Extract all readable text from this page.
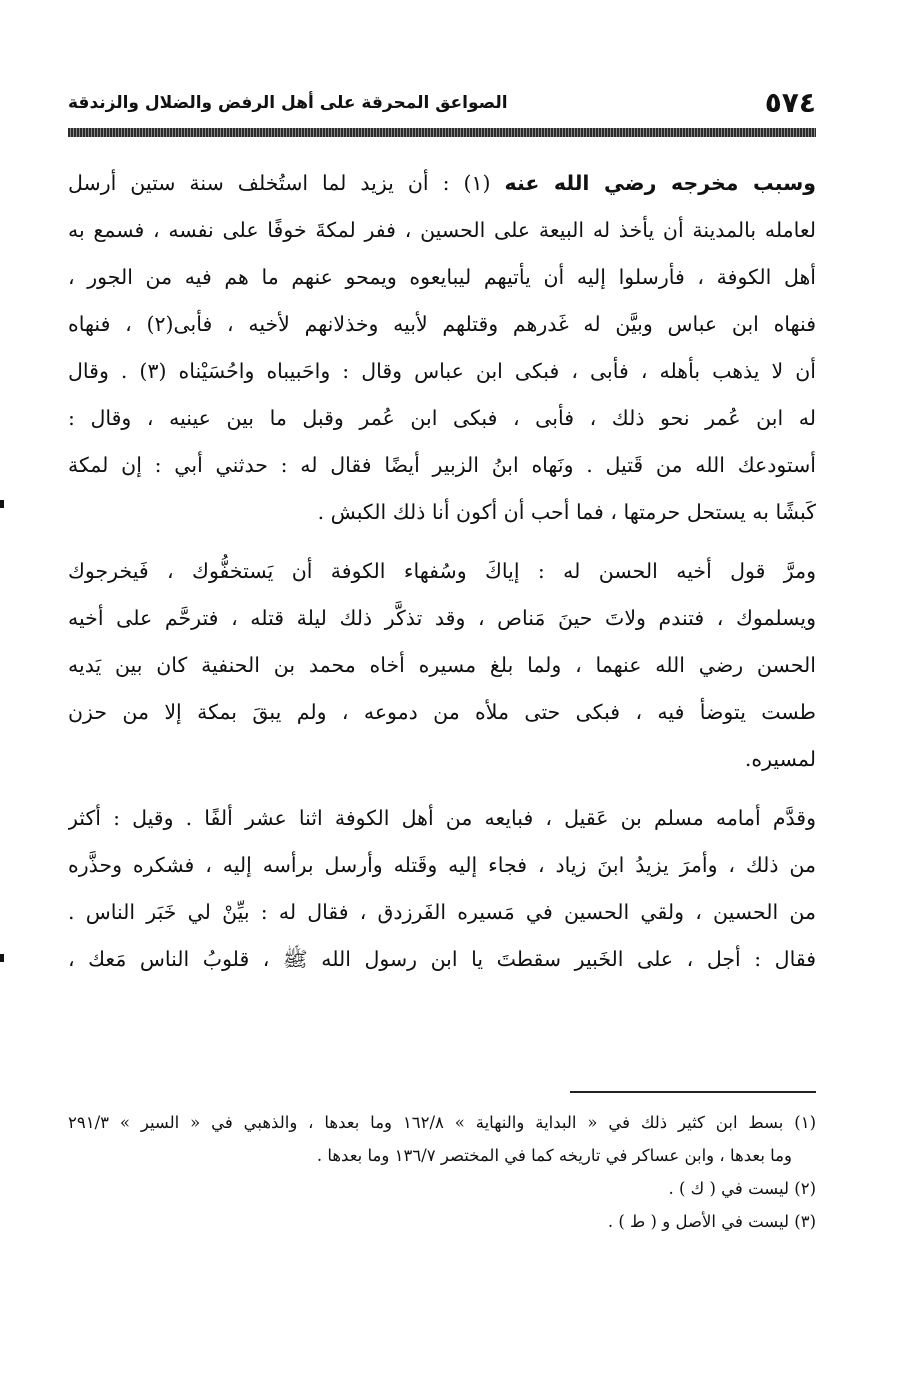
٥٧٤
الصواعق المحرقة على أهل الرفض والضلال والزندقة
وسبب مخرجه رضي الله عنه (١) : أن يزيد لما استُخلف سنة ستين أرسل
لعامله بالمدينة أن يأخذ له البيعة على الحسين ، ففر لمكةَ خوفًا على نفسه ، فسمع به
أهل الكوفة ، فأرسلوا إليه أن يأتيهم ليبايعوه ويمحو عنهم ما هم فيه من الجور ،
فنهاه ابن عباس وبيَّن له غَدرهم وقتلهم لأبيه وخذلانهم لأخيه ، فأبى(٢) ، فنهاه
أن لا يذهب بأهله ، فأبى ، فبكى ابن عباس وقال : واحَبيباه واحُسَيْناه (٣) . وقال
له ابن عُمر نحو ذلك ، فأبى ، فبكى ابن عُمر وقبل ما بين عينيه ، وقال :
أستودعك الله من قَتيل . ونَهاه ابنُ الزبير أيضًا فقال له : حدثني أبي : إن لمكة
كَبشًا به يستحل حرمتها ، فما أحب أن أكون أنا ذلك الكبش .
ومرَّ قول أخيه الحسن له : إياكَ وسُفهاء الكوفة أن يَستخفُّوك ، فَيخرجوك
ويسلموك ، فتندم ولاتَ حينَ مَناص ، وقد تذكَّر ذلك ليلة قتله ، فترحَّم على أخيه
الحسن رضي الله عنهما ، ولما بلغ مسيره أخاه محمد بن الحنفية كان بين يَديه
طست يتوضأ فيه ، فبكى حتى ملأه من دموعه ، ولم يبقَ بمكة إلا من حزن
لمسيره.
وقدَّم أمامه مسلم بن عَقيل ، فبايعه من أهل الكوفة اثنا عشر ألفًا . وقيل : أكثر
من ذلك ، وأمرَ يزيدُ ابنَ زياد ، فجاء إليه وقَتله وأرسل برأسه إليه ، فشكره وحذَّره
من الحسين ، ولقي الحسين في مَسيره الفَرزدق ، فقال له : بيِّنْ لي خَبَر الناس .
فقال : أجل ، على الخَبير سقطتَ يا ابن رسول الله ﷺ ، قلوبُ الناس مَعك ،
(١) بسط ابن كثير ذلك في « البداية والنهاية » ١٦٢/٨ وما بعدها ، والذهبي في « السير » ٢٩١/٣
وما بعدها ، وابن عساكر في تاريخه كما في المختصر ١٣٦/٧ وما بعدها .
(٢) ليست في ( ك ) .
(٣) ليست في الأصل و ( ط ) .
